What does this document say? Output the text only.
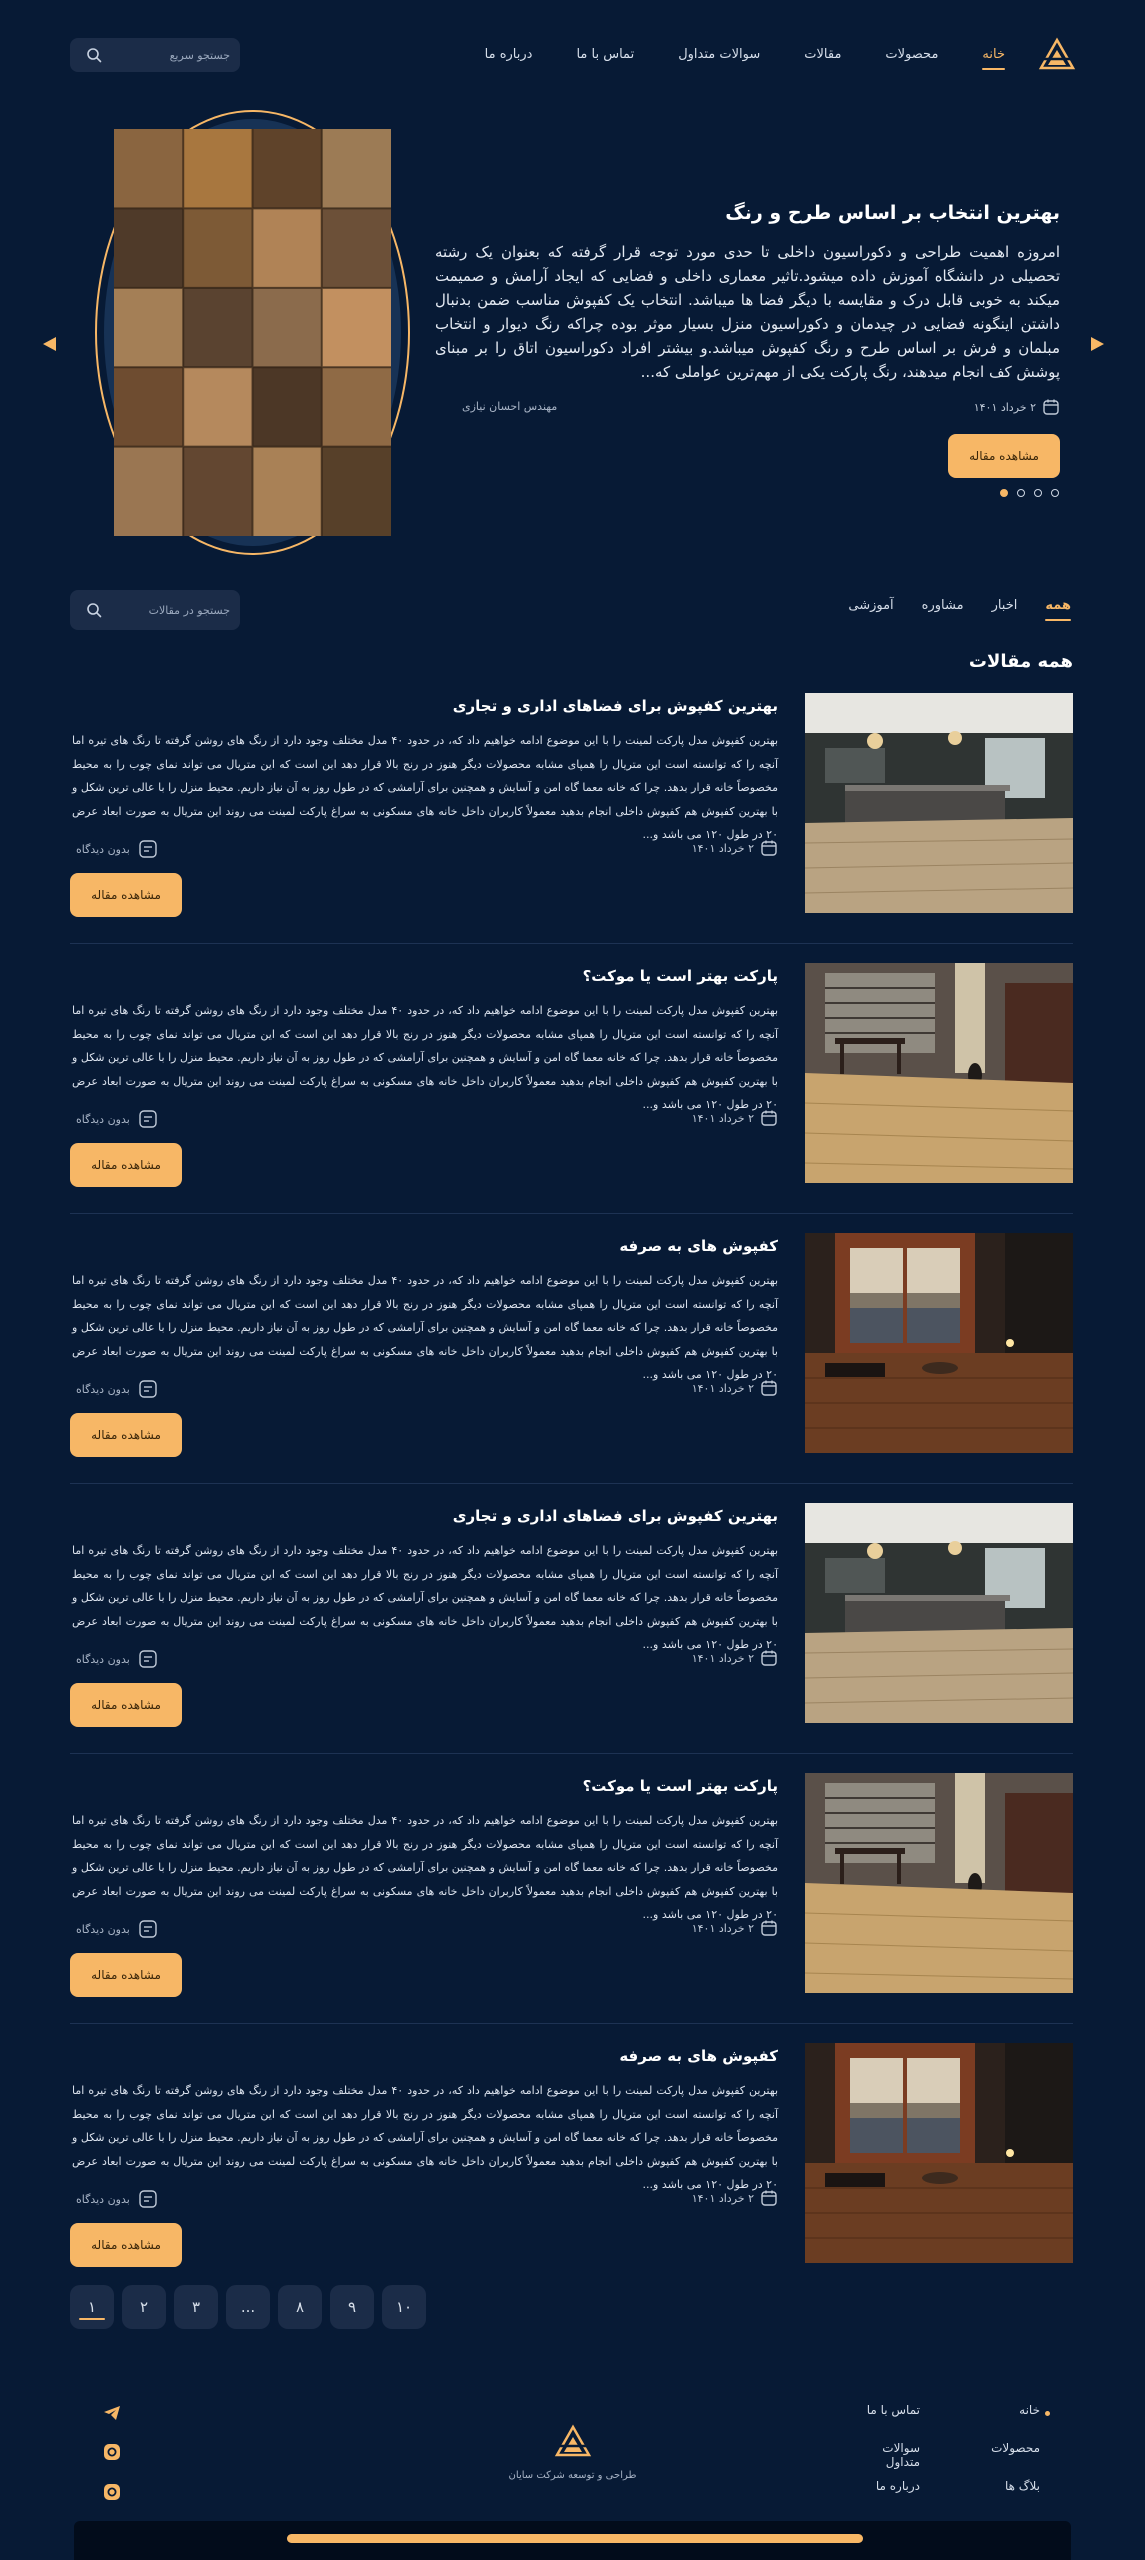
خانه
محصولات
مقالات
سوالات متداول
تماس با ما
درباره ما
جستجو سریع
بهترین انتخاب بر اساس طرح و رنگ

امروزه اهمیت طراحی و دکوراسیون داخلی تا حدی مورد توجه قرار گرفته که بعنوان یک رشته تحصیلی در دانشگاه آموزش داده میشود.تاثیر معماری داخلی و فضایی که ایجاد آرامش و صمیمت میکند به خوبی قابل درک و مقایسه با دیگر فضا ها میباشد. انتخاب یک کفپوش مناسب ضمن بدنبال داشتن اینگونه فضایی در چیدمان و دکوراسیون منزل بسیار موثر بوده چراکه رنگ دیوار و انتخاب مبلمان و فرش بر اساس طرح و رنگ کفپوش میباشد.و بیشتر افراد دکوراسیون اتاق را بر مبنای پوشش کف انجام میدهند، رنگ پارکت یکی از مهم‌ترین عواملی که...

۲ خرداد ۱۴۰۱
مهندس احسان نیازی
مشاهده مقاله
همه
اخبار
مشاوره
آموزشی
جستجو در مقالات
همه مقالات
بهترین کفپوش برای فضاهای اداری و تجاری

بهترین کفپوش مدل پارکت لمینت را با این موضوع ادامه خواهیم داد که، در حدود ۴۰ مدل مختلف وجود دارد از رنگ های روشن گرفته تا رنگ های تیره اما آنچه را که توانسته است این متریال را همپای مشابه محصولات دیگر هنوز در رنج بالا قرار دهد این است که این متریال می تواند نمای چوب را به محیط مخصوصاً خانه قرار بدهد. چرا که خانه معما گاه امن و آسایش و همچنین برای آرامشی که در طول روز به آن نیاز داریم. محیط منزل را با عالی ترین شکل و با بهترین کفپوش هم کفپوش داخلی انجام بدهید معمولاً کاربران داخل خانه های مسکونی به سراغ پارکت لمینت می روند این متریال به صورت ابعاد عرض ۲۰ در طول ۱۲۰ می باشد و...

۲ خرداد ۱۴۰۱
بدون دیدگاه
مشاهده مقاله
پارکت بهتر است یا موکت؟

بهترین کفپوش مدل پارکت لمینت را با این موضوع ادامه خواهیم داد که، در حدود ۴۰ مدل مختلف وجود دارد از رنگ های روشن گرفته تا رنگ های تیره اما آنچه را که توانسته است این متریال را همپای مشابه محصولات دیگر هنوز در رنج بالا قرار دهد این است که این متریال می تواند نمای چوب را به محیط مخصوصاً خانه قرار بدهد. چرا که خانه معما گاه امن و آسایش و همچنین برای آرامشی که در طول روز به آن نیاز داریم. محیط منزل را با عالی ترین شکل و با بهترین کفپوش هم کفپوش داخلی انجام بدهید معمولاً کاربران داخل خانه های مسکونی به سراغ پارکت لمینت می روند این متریال به صورت ابعاد عرض ۲۰ در طول ۱۲۰ می باشد و...

۲ خرداد ۱۴۰۱
بدون دیدگاه
مشاهده مقاله
کفپوش های به صرفه

بهترین کفپوش مدل پارکت لمینت را با این موضوع ادامه خواهیم داد که، در حدود ۴۰ مدل مختلف وجود دارد از رنگ های روشن گرفته تا رنگ های تیره اما آنچه را که توانسته است این متریال را همپای مشابه محصولات دیگر هنوز در رنج بالا قرار دهد این است که این متریال می تواند نمای چوب را به محیط مخصوصاً خانه قرار بدهد. چرا که خانه معما گاه امن و آسایش و همچنین برای آرامشی که در طول روز به آن نیاز داریم. محیط منزل را با عالی ترین شکل و با بهترین کفپوش هم کفپوش داخلی انجام بدهید معمولاً کاربران داخل خانه های مسکونی به سراغ پارکت لمینت می روند این متریال به صورت ابعاد عرض ۲۰ در طول ۱۲۰ می باشد و...

۲ خرداد ۱۴۰۱
بدون دیدگاه
مشاهده مقاله
بهترین کفپوش برای فضاهای اداری و تجاری

بهترین کفپوش مدل پارکت لمینت را با این موضوع ادامه خواهیم داد که، در حدود ۴۰ مدل مختلف وجود دارد از رنگ های روشن گرفته تا رنگ های تیره اما آنچه را که توانسته است این متریال را همپای مشابه محصولات دیگر هنوز در رنج بالا قرار دهد این است که این متریال می تواند نمای چوب را به محیط مخصوصاً خانه قرار بدهد. چرا که خانه معما گاه امن و آسایش و همچنین برای آرامشی که در طول روز به آن نیاز داریم. محیط منزل را با عالی ترین شکل و با بهترین کفپوش هم کفپوش داخلی انجام بدهید معمولاً کاربران داخل خانه های مسکونی به سراغ پارکت لمینت می روند این متریال به صورت ابعاد عرض ۲۰ در طول ۱۲۰ می باشد و...

۲ خرداد ۱۴۰۱
بدون دیدگاه
مشاهده مقاله
پارکت بهتر است یا موکت؟

بهترین کفپوش مدل پارکت لمینت را با این موضوع ادامه خواهیم داد که، در حدود ۴۰ مدل مختلف وجود دارد از رنگ های روشن گرفته تا رنگ های تیره اما آنچه را که توانسته است این متریال را همپای مشابه محصولات دیگر هنوز در رنج بالا قرار دهد این است که این متریال می تواند نمای چوب را به محیط مخصوصاً خانه قرار بدهد. چرا که خانه معما گاه امن و آسایش و همچنین برای آرامشی که در طول روز به آن نیاز داریم. محیط منزل را با عالی ترین شکل و با بهترین کفپوش هم کفپوش داخلی انجام بدهید معمولاً کاربران داخل خانه های مسکونی به سراغ پارکت لمینت می روند این متریال به صورت ابعاد عرض ۲۰ در طول ۱۲۰ می باشد و...

۲ خرداد ۱۴۰۱
بدون دیدگاه
مشاهده مقاله
کفپوش های به صرفه

بهترین کفپوش مدل پارکت لمینت را با این موضوع ادامه خواهیم داد که، در حدود ۴۰ مدل مختلف وجود دارد از رنگ های روشن گرفته تا رنگ های تیره اما آنچه را که توانسته است این متریال را همپای مشابه محصولات دیگر هنوز در رنج بالا قرار دهد این است که این متریال می تواند نمای چوب را به محیط مخصوصاً خانه قرار بدهد. چرا که خانه معما گاه امن و آسایش و همچنین برای آرامشی که در طول روز به آن نیاز داریم. محیط منزل را با عالی ترین شکل و با بهترین کفپوش هم کفپوش داخلی انجام بدهید معمولاً کاربران داخل خانه های مسکونی به سراغ پارکت لمینت می روند این متریال به صورت ابعاد عرض ۲۰ در طول ۱۲۰ می باشد و...

۲ خرداد ۱۴۰۱
بدون دیدگاه
مشاهده مقاله
۱	۲	۳	...	۸	۹	۱۰
خانه
تماس با ما
محصولات
سوالات متداول
بلاگ ها
درباره ما
طراحی و توسعه شرکت سایان
